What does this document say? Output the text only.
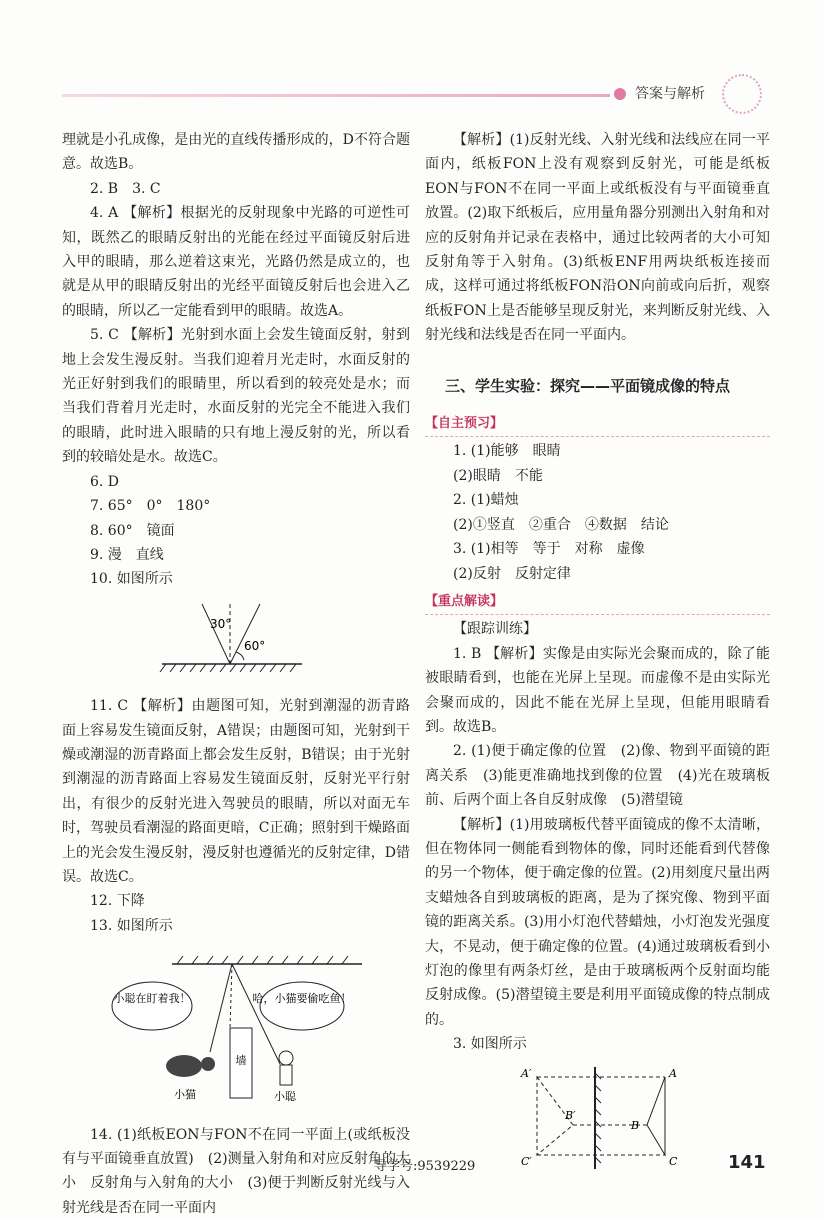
答案与解析

理就是小孔成像，是由光的直线传播形成的，D不符合题意。故选B。

2. B　3. C

4. A 【解析】根据光的反射现象中光路的可逆性可知，既然乙的眼睛反射出的光能在经过平面镜反射后进入甲的眼睛，那么逆着这束光，光路仍然是成立的，也就是从甲的眼睛反射出的光经平面镜反射后也会进入乙的眼睛，所以乙一定能看到甲的眼睛。故选A。

5. C 【解析】光射到水面上会发生镜面反射，射到地上会发生漫反射。当我们迎着月光走时，水面反射的光正好射到我们的眼睛里，所以看到的较亮处是水；而当我们背着月光走时，水面反射的光完全不能进入我们的眼睛，此时进入眼睛的只有地上漫反射的光，所以看到的较暗处是水。故选C。

6. D

7. 65°　0°　180°

8. 60°　镜面

9. 漫　直线

10. 如图所示

30°
60°

11. C 【解析】由题图可知，光射到潮湿的沥青路面上容易发生镜面反射，A错误；由题图可知，光射到干燥或潮湿的沥青路面上都会发生反射，B错误；由于光射到潮湿的沥青路面上容易发生镜面反射，反射光平行射出，有很少的反射光进入驾驶员的眼睛，所以对面无车时，驾驶员看潮湿的路面更暗，C正确；照射到干燥路面上的光会发生漫反射，漫反射也遵循光的反射定律，D错误。故选C。

12. 下降

13. 如图所示

小聪在盯着我！	哈，小猫要偷吃鱼！
墙
小猫	小聪

14. (1)纸板EON与FON不在同一平面上(或纸板没有与平面镜垂直放置)　(2)测量入射角和对应反射角的大小　反射角与入射角的大小　(3)便于判断反射光线与入射光线是否在同一平面内

【解析】(1)反射光线、入射光线和法线应在同一平面内，纸板FON上没有观察到反射光，可能是纸板EON与FON不在同一平面上或纸板没有与平面镜垂直放置。(2)取下纸板后，应用量角器分别测出入射角和对应的反射角并记录在表格中，通过比较两者的大小可知反射角等于入射角。(3)纸板ENF用两块纸板连接而成，这样可通过将纸板FON沿ON向前或向后折，观察纸板FON上是否能够呈现反射光，来判断反射光线、入射光线和法线是否在同一平面内。

三、学生实验：探究——平面镜成像的特点
【自主预习】

1. (1)能够　眼睛

(2)眼睛　不能

2. (1)蜡烛

(2)①竖直　②重合　④数据　结论

3. (1)相等　等于　对称　虚像

(2)反射　反射定律

【重点解读】

【跟踪训练】

1. B 【解析】实像是由实际光会聚而成的，除了能被眼睛看到，也能在光屏上呈现。而虚像不是由实际光会聚而成的，因此不能在光屏上呈现，但能用眼睛看到。故选B。

2. (1)便于确定像的位置　(2)像、物到平面镜的距离关系　(3)能更准确地找到像的位置　(4)光在玻璃板前、后两个面上各自反射成像　(5)潜望镜

【解析】(1)用玻璃板代替平面镜成的像不太清晰，但在物体同一侧能看到物体的像，同时还能看到代替像的另一个物体，便于确定像的位置。(2)用刻度尺量出两支蜡烛各自到玻璃板的距离，是为了探究像、物到平面镜的距离关系。(3)用小灯泡代替蜡烛，小灯泡发光强度大，不晃动，便于确定像的位置。(4)通过玻璃板看到小灯泡的像里有两条灯丝，是由于玻璃板两个反射面均能反射成像。(5)潜望镜主要是利用平面镜成像的特点制成的。

3. 如图所示

A
A′
B
B′
C
C′
导学号:9539229	141
